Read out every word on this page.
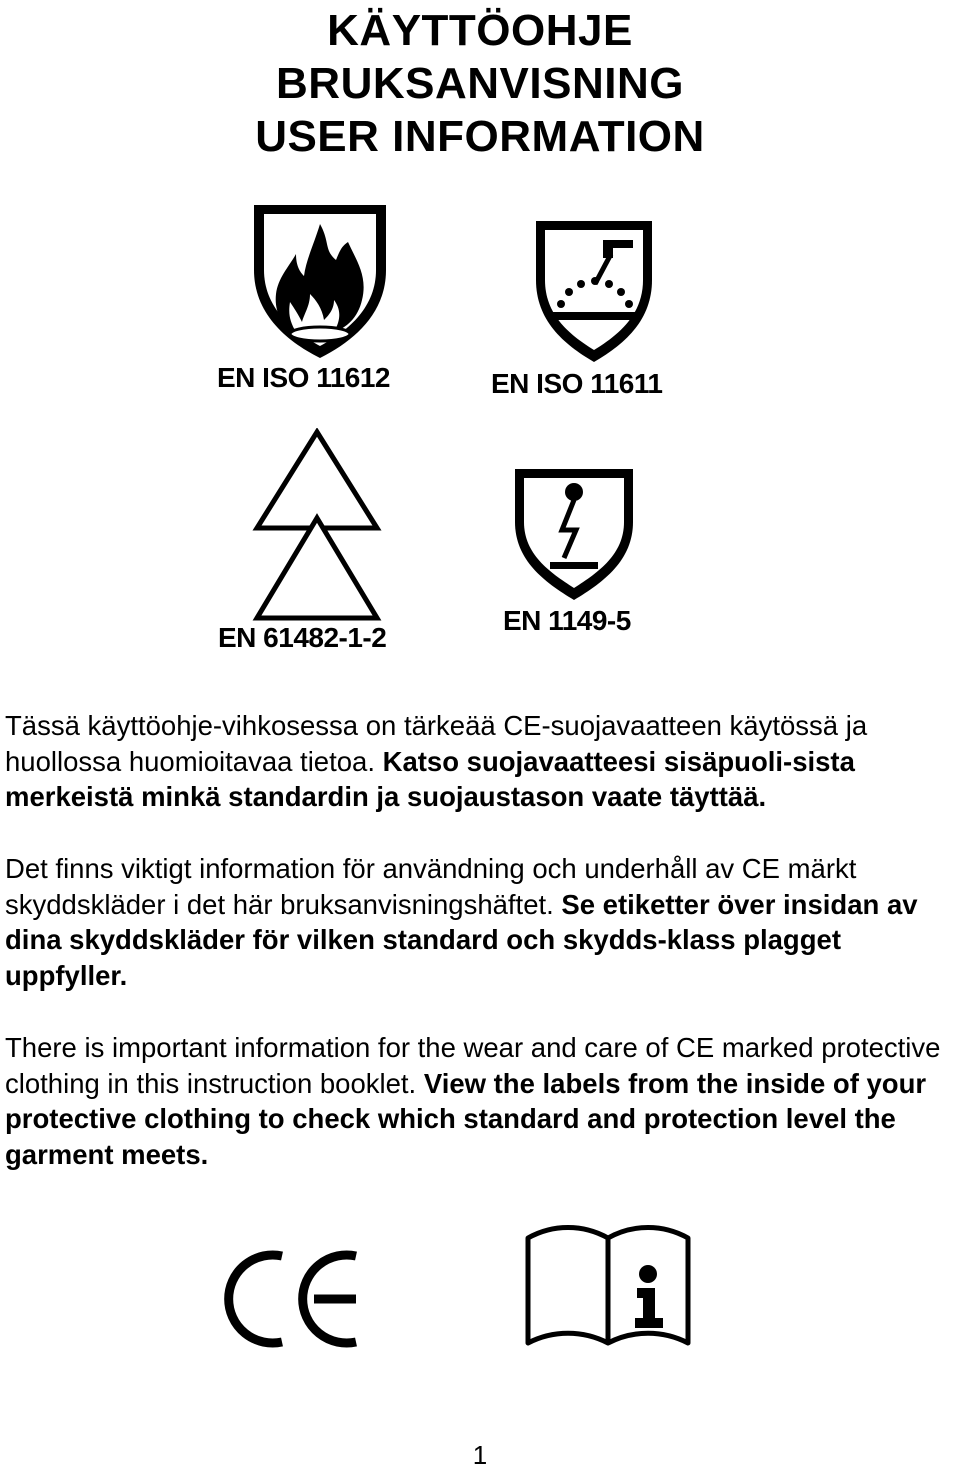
KÄYTTÖOHJE
BRUKSANVISNING
USER INFORMATION
EN ISO 11612	EN ISO 11611
EN 61482-1-2
EN 1149-5

Tässä käyttöohje-vihkosessa on tärkeää CE-suojavaatteen käytössä ja huollossa huomioitavaa tietoa. Katso suojavaatteesi sisäpuoli-sista merkeistä minkä standardin ja suojaustason vaate täyttää.

Det finns viktigt information för användning och underhåll av CE märkt skyddskläder i det här bruksanvisningshäftet. Se etiketter över insidan av dina skyddskläder för vilken standard och skydds-klass plagget uppfyller.

There is important information for the wear and care of CE marked protective clothing in this instruction booklet. View the labels from the inside of your protective clothing to check which standard and protection level the garment meets.

1
